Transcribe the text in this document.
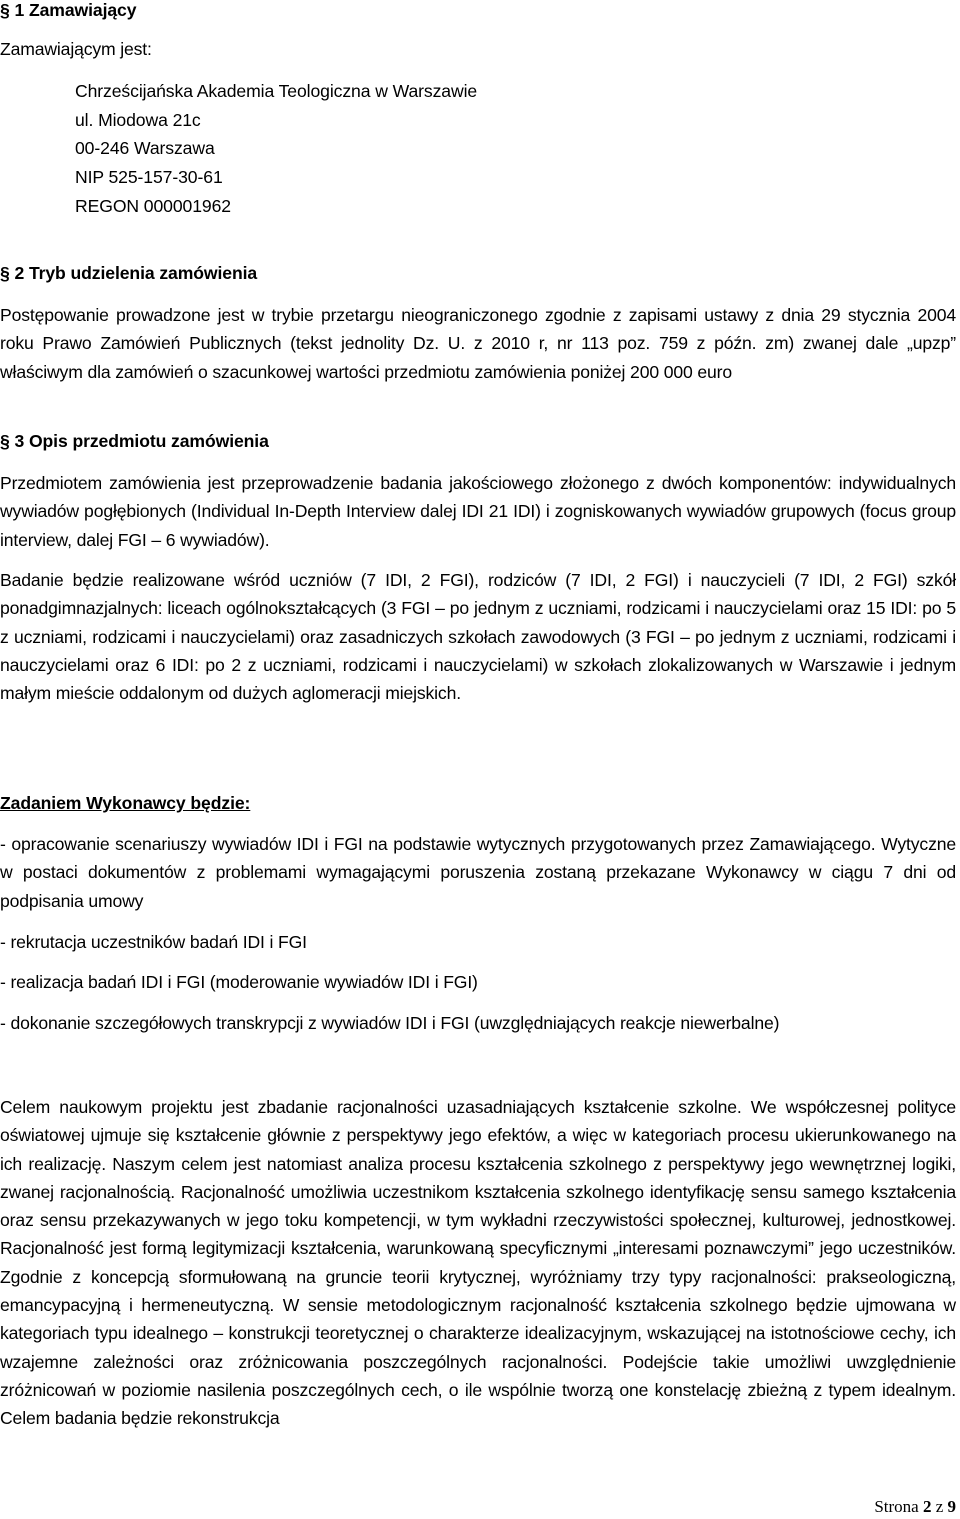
§ 1 Zamawiający
Zamawiającym jest:
Chrześcijańska Akademia Teologiczna w Warszawie
ul. Miodowa 21c
00-246 Warszawa
NIP 525-157-30-61
REGON 000001962
§ 2 Tryb udzielenia zamówienia

Postępowanie prowadzone jest w trybie przetargu nieograniczonego zgodnie z zapisami ustawy z dnia 29 stycznia 2004 roku Prawo Zamówień Publicznych (tekst jednolity Dz. U. z 2010 r, nr 113 poz. 759 z późn. zm) zwanej dale „upzp” właściwym dla zamówień o szacunkowej wartości przedmiotu zamówienia poniżej 200 000 euro

§ 3 Opis przedmiotu zamówienia

Przedmiotem zamówienia jest przeprowadzenie badania jakościowego złożonego z dwóch komponentów: indywidualnych wywiadów pogłębionych (Individual In-Depth Interview dalej IDI 21 IDI) i zogniskowanych wywiadów grupowych (focus group interview, dalej FGI – 6 wywiadów).

Badanie będzie realizowane wśród uczniów (7 IDI, 2 FGI), rodziców (7 IDI, 2 FGI) i nauczycieli (7 IDI, 2 FGI) szkół ponadgimnazjalnych: liceach ogólnokształcących (3 FGI – po jednym z uczniami, rodzicami i nauczycielami oraz 15 IDI: po 5 z uczniami, rodzicami i nauczycielami) oraz zasadniczych szkołach zawodowych (3 FGI – po jednym z uczniami, rodzicami i nauczycielami oraz 6 IDI: po 2 z uczniami, rodzicami i nauczycielami) w szkołach zlokalizowanych w Warszawie i jednym małym mieście oddalonym od dużych aglomeracji miejskich.

Zadaniem Wykonawcy będzie:

- opracowanie scenariuszy wywiadów IDI i FGI na podstawie wytycznych przygotowanych przez Zamawiającego. Wytyczne w postaci dokumentów z problemami wymagającymi poruszenia zostaną przekazane Wykonawcy w ciągu 7 dni od podpisania umowy

- rekrutacja uczestników badań IDI i FGI
- realizacja badań IDI i FGI (moderowanie wywiadów IDI i FGI)
- dokonanie szczegółowych transkrypcji z wywiadów IDI i FGI (uwzględniających reakcje niewerbalne)

Celem naukowym projektu jest zbadanie racjonalności uzasadniających kształcenie szkolne. We współczesnej polityce oświatowej ujmuje się kształcenie głównie z perspektywy jego efektów, a więc w kategoriach procesu ukierunkowanego na ich realizację. Naszym celem jest natomiast analiza procesu kształcenia szkolnego z perspektywy jego wewnętrznej logiki, zwanej racjonalnością. Racjonalność umożliwia uczestnikom kształcenia szkolnego identyfikację sensu samego kształcenia oraz sensu przekazywanych w jego toku kompetencji, w tym wykładni rzeczywistości społecznej, kulturowej, jednostkowej. Racjonalność jest formą legitymizacji kształcenia, warunkowaną specyficznymi „interesami poznawczymi” jego uczestników. Zgodnie z koncepcją sformułowaną na gruncie teorii krytycznej, wyróżniamy trzy typy racjonalności: prakseologiczną, emancypacyjną i hermeneutyczną. W sensie metodologicznym racjonalność kształcenia szkolnego będzie ujmowana w kategoriach typu idealnego – konstrukcji teoretycznej o charakterze idealizacyjnym, wskazującej na istotnościowe cechy, ich wzajemne zależności oraz zróżnicowania poszczególnych racjonalności. Podejście takie umożliwi uwzględnienie zróżnicowań w poziomie nasilenia poszczególnych cech, o ile wspólnie tworzą one konstelację zbieżną z typem idealnym. Celem badania będzie rekonstrukcja

Strona 2 z 9
